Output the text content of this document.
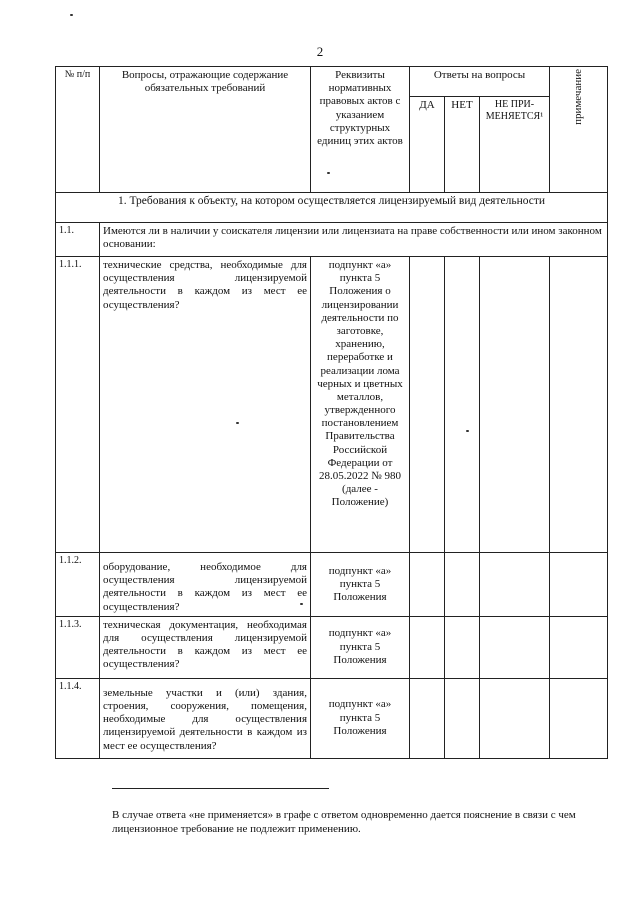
2
№ п/п	Вопросы, отражающие содержание обязательных требований	Реквизиты нормативных правовых актов с указанием структурных единиц этих актов	Ответы на вопросы			примечание

			ДА	НЕТ	НЕ ПРИ-МЕНЯЕТСЯ¹	
1. Требования к объекту, на котором осуществляется лицензируемый вид деятельности						
1.1.	Имеются ли в наличии у соискателя лицензии или лицензиата на праве собственности или ином законном основании:					
1.1.1.	технические средства, необходимые для осуществления лицензируемой деятельности в каждом из мест ее осуществления?	подпункт «а» пункта 5 Положения о лицензировании деятельности по заготовке, хранению, переработке и реализации лома черных и цветных металлов, утвержденного постановлением Правительства Российской Федерации от 28.05.2022 № 980 (далее - Положение)				
1.1.2.	оборудование, необходимое для осуществления лицензируемой деятельности в каждом из мест ее осуществления?	подпункт «а» пункта 5 Положения				
1.1.3.	техническая документация, необходимая для осуществления лицензируемой деятельности в каждом из мест ее осуществления?	подпункт «а» пункта 5 Положения				
1.1.4.	земельные участки и (или) здания, строения, сооружения, помещения, необходимые для осуществления лицензируемой деятельности в каждом из мест ее осуществления?	подпункт «а» пункта 5 Положения				
В случае ответа «не применяется» в графе с ответом одновременно дается пояснение в связи с чем лицензионное требование не подлежит применению.
